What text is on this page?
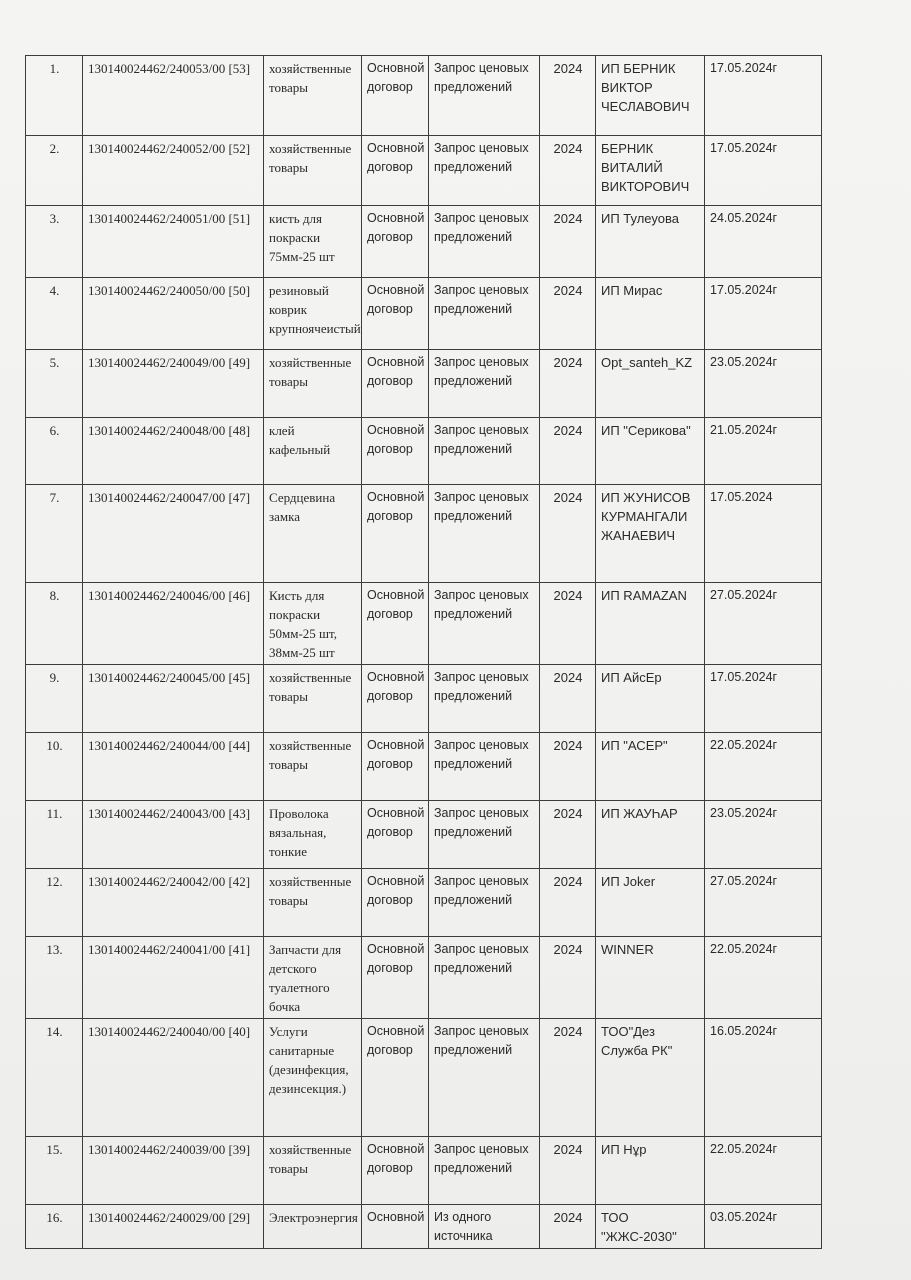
1.	130140024462/240053/00 [53]	хозяйственные товары	Основной договор	Запрос ценовых предложений	2024	ИП БЕРНИК ВИКТОР ЧЕСЛАВОВИЧ	17.05.2024г
2.	130140024462/240052/00 [52]	хозяйственные товары	Основной договор	Запрос ценовых предложений	2024	БЕРНИК ВИТАЛИЙ ВИКТОРОВИЧ	17.05.2024г
3.	130140024462/240051/00 [51]	кисть для покраски 75мм-25 шт	Основной договор	Запрос ценовых предложений	2024	ИП Тулеуова	24.05.2024г
4.	130140024462/240050/00 [50]	резиновый коврик крупноячеистый	Основной договор	Запрос ценовых предложений	2024	ИП Мирас	17.05.2024г
5.	130140024462/240049/00 [49]	хозяйственные товары	Основной договор	Запрос ценовых предложений	2024	Opt_santeh_KZ	23.05.2024г
6.	130140024462/240048/00 [48]	клей кафельный	Основной договор	Запрос ценовых предложений	2024	ИП "Серикова"	21.05.2024г
7.	130140024462/240047/00 [47]	Сердцевина замка	Основной договор	Запрос ценовых предложений	2024	ИП ЖУНИСОВ КУРМАНГАЛИ ЖАНАЕВИЧ	17.05.2024
8.	130140024462/240046/00 [46]	Кисть для покраски 50мм-25 шт, 38мм-25 шт	Основной договор	Запрос ценовых предложений	2024	ИП RAMAZAN	27.05.2024г
9.	130140024462/240045/00 [45]	хозяйственные товары	Основной договор	Запрос ценовых предложений	2024	ИП АйсЕр	17.05.2024г
10.	130140024462/240044/00 [44]	хозяйственные товары	Основной договор	Запрос ценовых предложений	2024	ИП "АСЕР"	22.05.2024г
11.	130140024462/240043/00 [43]	Проволока вязальная, тонкие	Основной договор	Запрос ценовых предложений	2024	ИП ЖАУҺАР	23.05.2024г
12.	130140024462/240042/00 [42]	хозяйственные товары	Основной договор	Запрос ценовых предложений	2024	ИП Joker	27.05.2024г
13.	130140024462/240041/00 [41]	Запчасти для детского туалетного бочка	Основной договор	Запрос ценовых предложений	2024	WINNER	22.05.2024г
14.	130140024462/240040/00 [40]	Услуги санитарные (дезинфекция, дезинсекция.)	Основной договор	Запрос ценовых предложений	2024	ТОО"Дез Служба РК"	16.05.2024г
15.	130140024462/240039/00 [39]	хозяйственные товары	Основной договор	Запрос ценовых предложений	2024	ИП Нұр	22.05.2024г
16.	130140024462/240029/00 [29]	Электроэнергия	Основной	Из одного источника	2024	ТОО "ЖЖС-2030"	03.05.2024г
